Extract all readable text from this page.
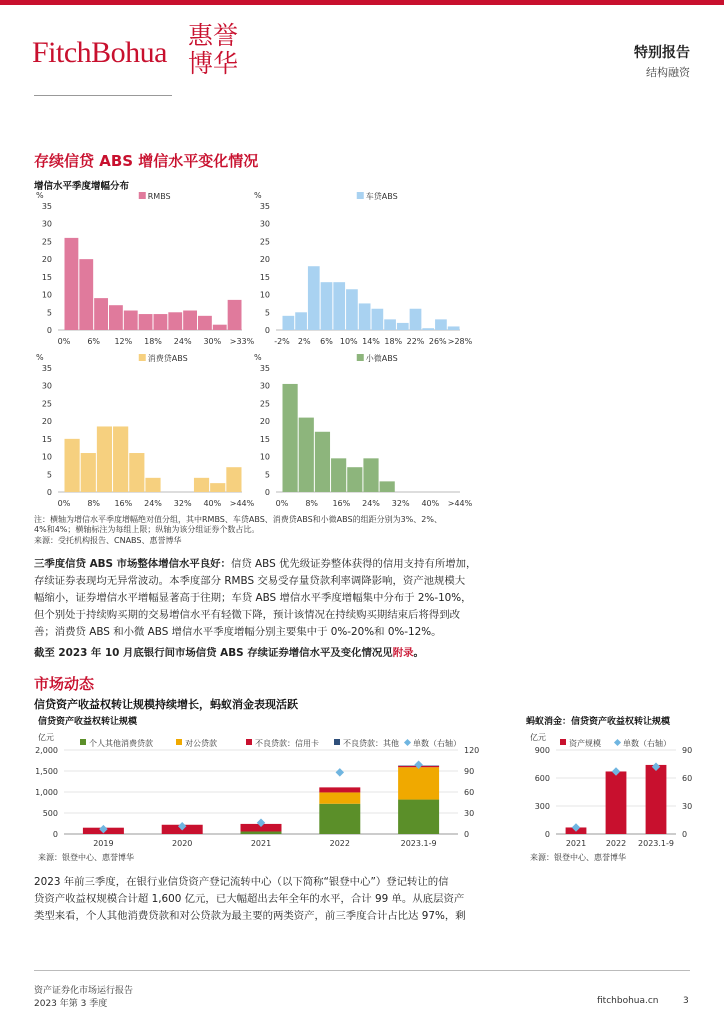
FitchBohua
惠誉
博华	特别报告
结构融资
存续信贷 ABS 增信水平变化情况
增信水平季度增幅分布
%
0
5
10
15
20
25
30
35
0% 6% 12% 18% 24% 30% >33%
RMBS	%
0
5
10
15
20
25
30
35
-2% 2% 6% 10% 14% 18% 22% 26% >28%
车贷ABS
%
0
5
10
15
20
25
30
35
0% 8% 16% 24% 32% 40% >44%
消费贷ABS	%
0
5
10
15
20
25
30
35
0% 8% 16% 24% 32% 40% >44%
小微ABS
注：横轴为增信水平季度增幅绝对值分组，其中RMBS、车贷ABS、消费贷ABS和小微ABS的组距分别为3%、2%、
4%和4%；横轴标注为每组上限；纵轴为该分组证券个数占比。
来源：受托机构报告、CNABS、惠誉博华
三季度信贷 ABS 市场整体增信水平良好：信贷 ABS 优先级证券整体获得的信用支持有所增加，
存续证券表现均无异常波动。本季度部分 RMBS 交易受存量贷款利率调降影响，资产池规模大
幅缩小，证券增信水平增幅显著高于往期；车贷 ABS 增信水平季度增幅集中分布于 2%-10%，
但个别处于持续购买期的交易增信水平有轻微下降，预计该情况在持续购买期结束后将得到改
善；消费贷 ABS 和小微 ABS 增信水平季度增幅分别主要集中于 0%-20%和 0%-12%。
截至 2023 年 10 月底银行间市场信贷 ABS 存续证券增信水平及变化情况见附录。
市场动态
信贷资产收益权转让规模持续增长，蚂蚁消金表现活跃
信贷资产收益权转让规模
亿元
0
500
1,000
1,500
2,000
0
30
60
90
120
2019	2020	2021	2022	2023.1-9
个人其他消费贷款	对公贷款	不良贷款：信用卡	不良贷款：其他 单数（右轴）
来源：银登中心、惠誉博华
蚂蚁消金：信贷资产收益权转让规模
亿元
0
300
600
900
0
30
60
90
2021 2022 2023.1-9
资产规模	单数（右轴）
来源：银登中心、惠誉博华
2023 年前三季度，在银行业信贷资产登记流转中心（以下简称“银登中心”）登记转让的信
贷资产收益权规模合计超 1,600 亿元，已大幅超出去年全年的水平，合计 99 单。从底层资产
类型来看，个人其他消费贷款和对公贷款为最主要的两类资产，前三季度合计占比达 97%，剩
资产证券化市场运行报告
2023 年第 3 季度	fitchbohua.cn	3
